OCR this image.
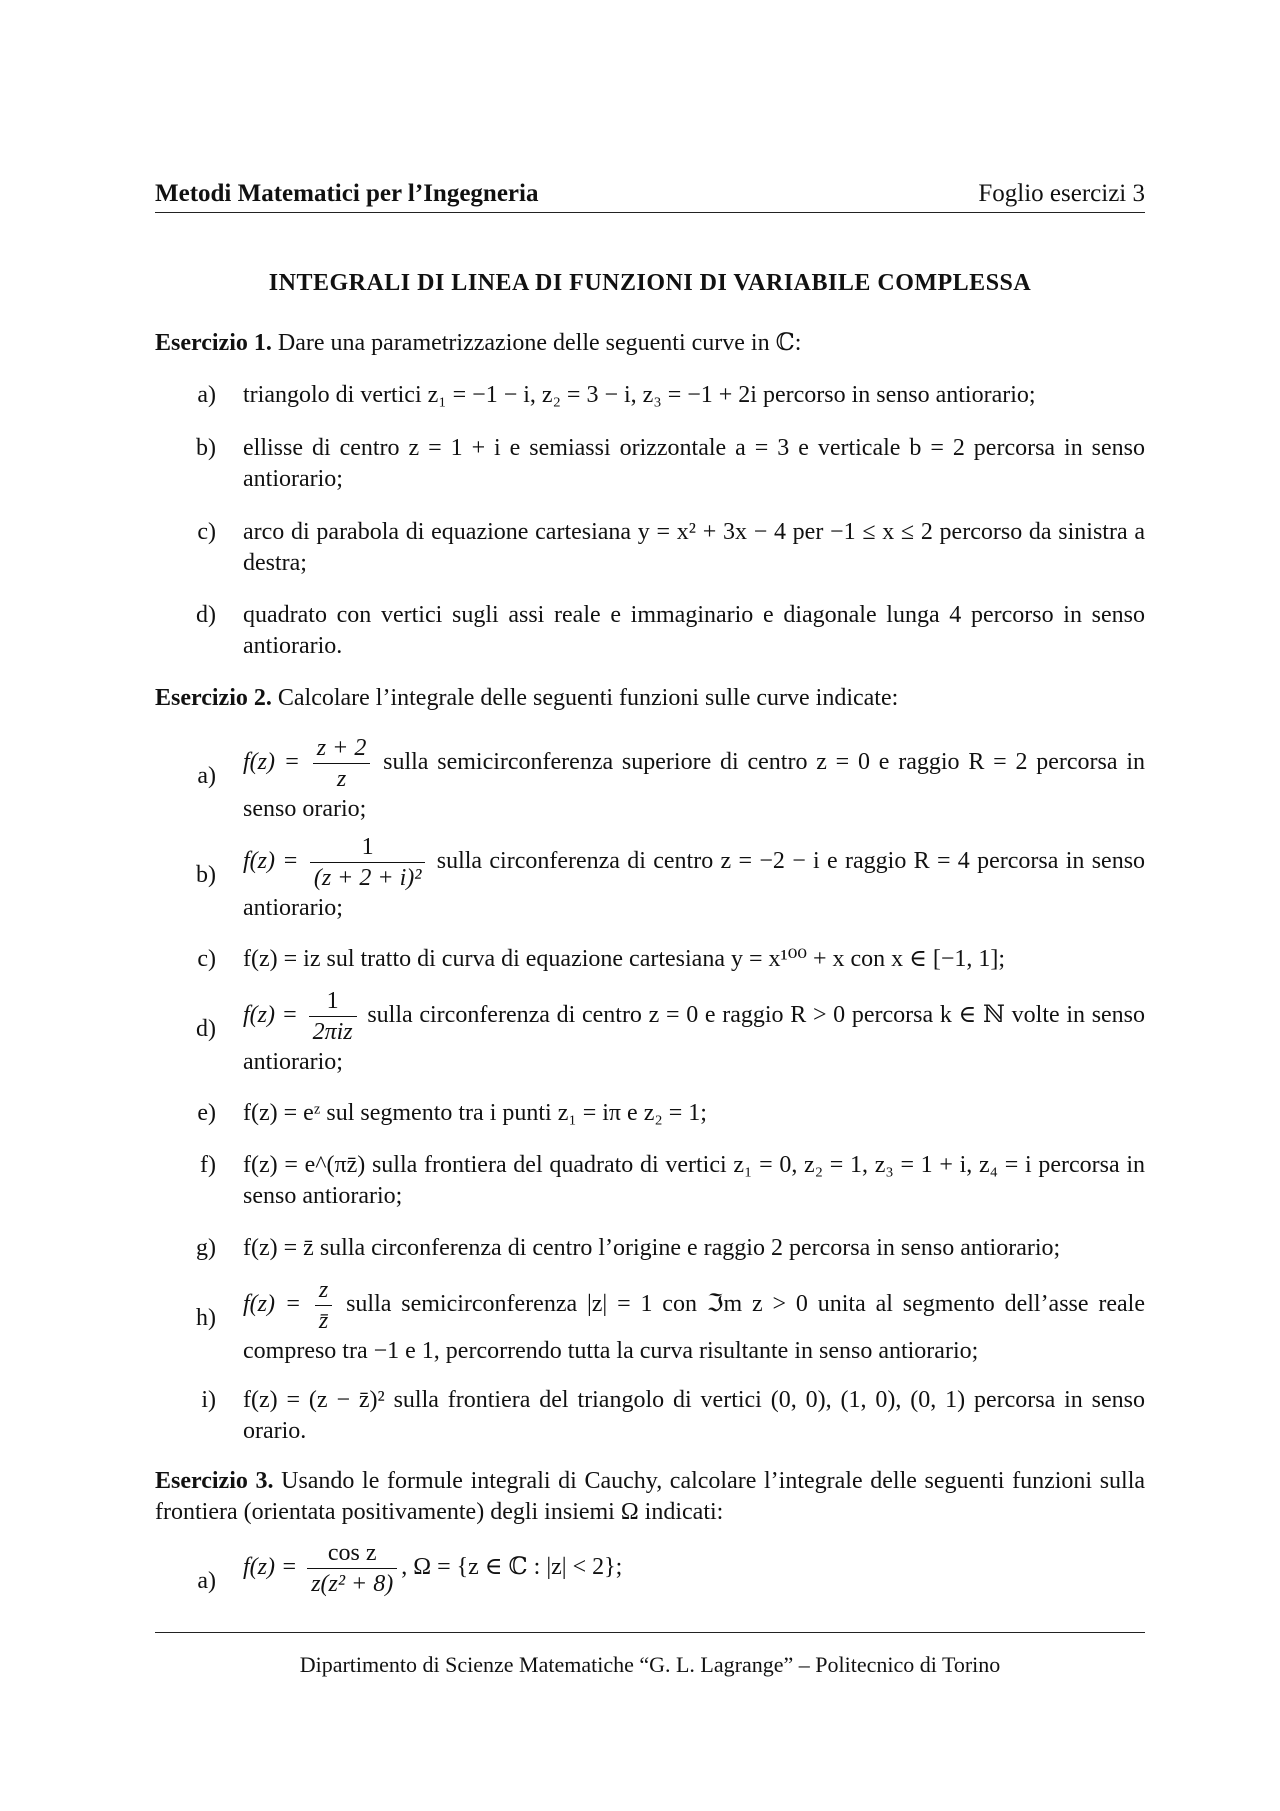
Metodi Matematici per l’Ingegneria	Foglio esercizi 3
INTEGRALI DI LINEA DI FUNZIONI DI VARIABILE COMPLESSA
Esercizio 1. Dare una parametrizzazione delle seguenti curve in ℂ:
a) triangolo di vertici z₁ = −1 − i, z₂ = 3 − i, z₃ = −1 + 2i percorso in senso antiorario;
b) ellisse di centro z = 1 + i e semiassi orizzontale a = 3 e verticale b = 2 percorsa in senso antiorario;
c) arco di parabola di equazione cartesiana y = x² + 3x − 4 per −1 ≤ x ≤ 2 percorso da sinistra a destra;
d) quadrato con vertici sugli assi reale e immaginario e diagonale lunga 4 percorso in senso antiorario.
Esercizio 2. Calcolare l’integrale delle seguenti funzioni sulle curve indicate:
a)
$f(z) = \frac{z + 2}{z}$ sulla semicirconferenza superiore di centro z = 0 e raggio R = 2 percorsa in senso orario;
b)
$f(z) = \frac{1}{\text{(z + 2 + i)²}}$ sulla circonferenza di centro z = −2 − i e raggio R = 4 percorsa in senso antiorario;
c) f(z) = iz sul tratto di curva di equazione cartesiana y = x¹⁰⁰ + x con x ∈ [−1, 1];
d)
$f(z) = \frac{1}{\text{2πiz}}$ sulla circonferenza di centro z = 0 e raggio R > 0 percorsa k ∈ ℕ volte in senso antiorario;
e) f(z) = eᶻ sul segmento tra i punti z₁ = iπ e z₂ = 1;
f) f(z) = e^(πz̄) sulla frontiera del quadrato di vertici z₁ = 0, z₂ = 1, z₃ = 1 + i, z₄ = i percorsa in senso antiorario;
g) f(z) = z̄ sulla circonferenza di centro l’origine e raggio 2 percorsa in senso antiorario;
h)
$f(z) = \frac{z}{z̄}$ sulla semicirconferenza |z| = 1 con ℑm z > 0 unita al segmento dell’asse reale compreso tra −1 e 1, percorrendo tutta la curva risultante in senso antiorario;
i) f(z) = (z − z̄)² sulla frontiera del triangolo di vertici (0, 0), (1, 0), (0, 1) percorsa in senso orario.
Esercizio 3. Usando le formule integrali di Cauchy, calcolare l’integrale delle seguenti funzioni sulla frontiera (orientata positivamente) degli insiemi Ω indicati:
a)
$f(z) = \frac{\text{cos z}}{\text{z(z² + 8)}}$ , Ω = {z ∈ ℂ : |z| < 2};
Dipartimento di Scienze Matematiche “G. L. Lagrange” – Politecnico di Torino
